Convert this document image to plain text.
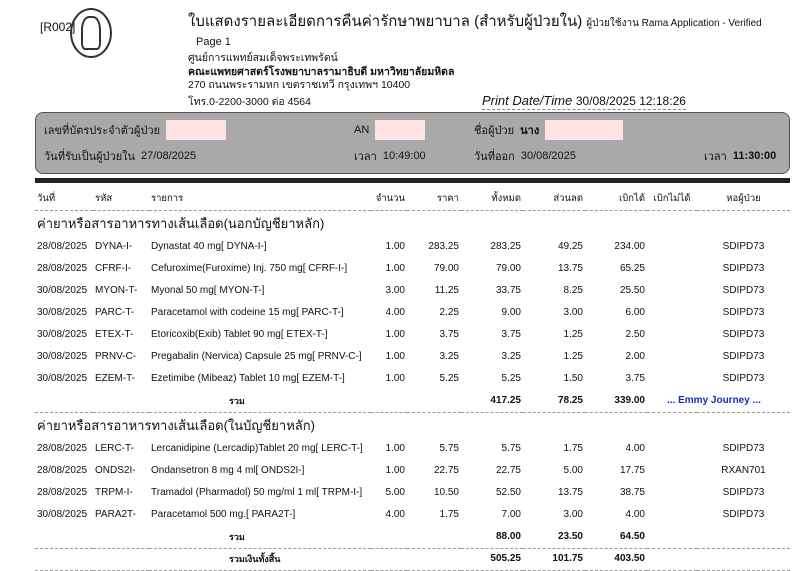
[R002]	ใบแสดงรายละเอียดการคืนค่ารักษาพยาบาล (สำหรับผู้ป่วยใน) ผู้ป่วยใช้งาน Rama Application - Verified
Page 1
ศูนย์การแพทย์สมเด็จพระเทพรัตน์
คณะแพทยศาสตร์โรงพยาบาลรามาธิบดี มหาวิทยาลัยมหิดล
270 ถนนพระรามหก เขตราชเทวี กรุงเทพฯ 10400
โทร.0-2200-3000 ต่อ 4564	Print Date/Time 30/08/2025 12:18:26
เลขที่บัตรประจำตัวผู้ป่วย	AN	ชื่อผู้ป่วย นาง
วันที่รับเป็นผู้ป่วยใน 27/08/2025	เวลา 10:49:00	วันที่ออก 30/08/2025	เวลา 11:30:00
วันที่	รหัส	รายการ	จำนวน	ราคา	ทั้งหมด	ส่วนลด	เบิกได้	เบิกไม่ได้	หอผู้ป่วย
ค่ายาหรือสารอาหารทางเส้นเลือด(นอกบัญชียาหลัก)									
28/08/2025	DYNA-I-	Dynastat 40 mg[ DYNA-I-]	1.00	283.25	283.25	49.25	234.00		SDIPD73
28/08/2025	CFRF-I-	Cefuroxime(Furoxime) Inj. 750 mg[ CFRF-I-]	1.00	79.00	79.00	13.75	65.25		SDIPD73
30/08/2025	MYON-T-	Myonal 50 mg[ MYON-T-]	3.00	11.25	33.75	8.25	25.50		SDIPD73
30/08/2025	PARC-T-	Paracetamol with codeine 15 mg[ PARC-T-]	4.00	2.25	9.00	3.00	6.00		SDIPD73
30/08/2025	ETEX-T-	Etoricoxib(Exib) Tablet 90 mg[ ETEX-T-]	1.00	3.75	3.75	1.25	2.50		SDIPD73
30/08/2025	PRNV-C-	Pregabalin (Nervica) Capsule 25 mg[ PRNV-C-]	1.00	3.25	3.25	1.25	2.00		SDIPD73
30/08/2025	EZEM-T-	Ezetimibe (Mibeaz) Tablet 10 mg[ EZEM-T-]	1.00	5.25	5.25	1.50	3.75		SDIPD73
		รวม			417.25	78.25	339.00	... Emmy Journey ...	
ค่ายาหรือสารอาหารทางเส้นเลือด(ในบัญชียาหลัก)									
28/08/2025	LERC-T-	Lercanidipine (Lercadip)Tablet 20 mg[ LERC-T-]	1.00	5.75	5.75	1.75	4.00		SDIPD73
28/08/2025	ONDS2I-	Ondansetron 8 mg 4 ml[ ONDS2I-]	1.00	22.75	22.75	5.00	17.75		RXAN701
28/08/2025	TRPM-I-	Tramadol (Pharmadol) 50 mg/ml 1 ml[ TRPM-I-]	5.00	10.50	52.50	13.75	38.75		SDIPD73
30/08/2025	PARA2T-	Paracetamol 500 mg.[ PARA2T-]	4.00	1.75	7.00	3.00	4.00		SDIPD73
		รวม			88.00	23.50	64.50		
		รวมเงินทั้งสิ้น			505.25	101.75	403.50		
